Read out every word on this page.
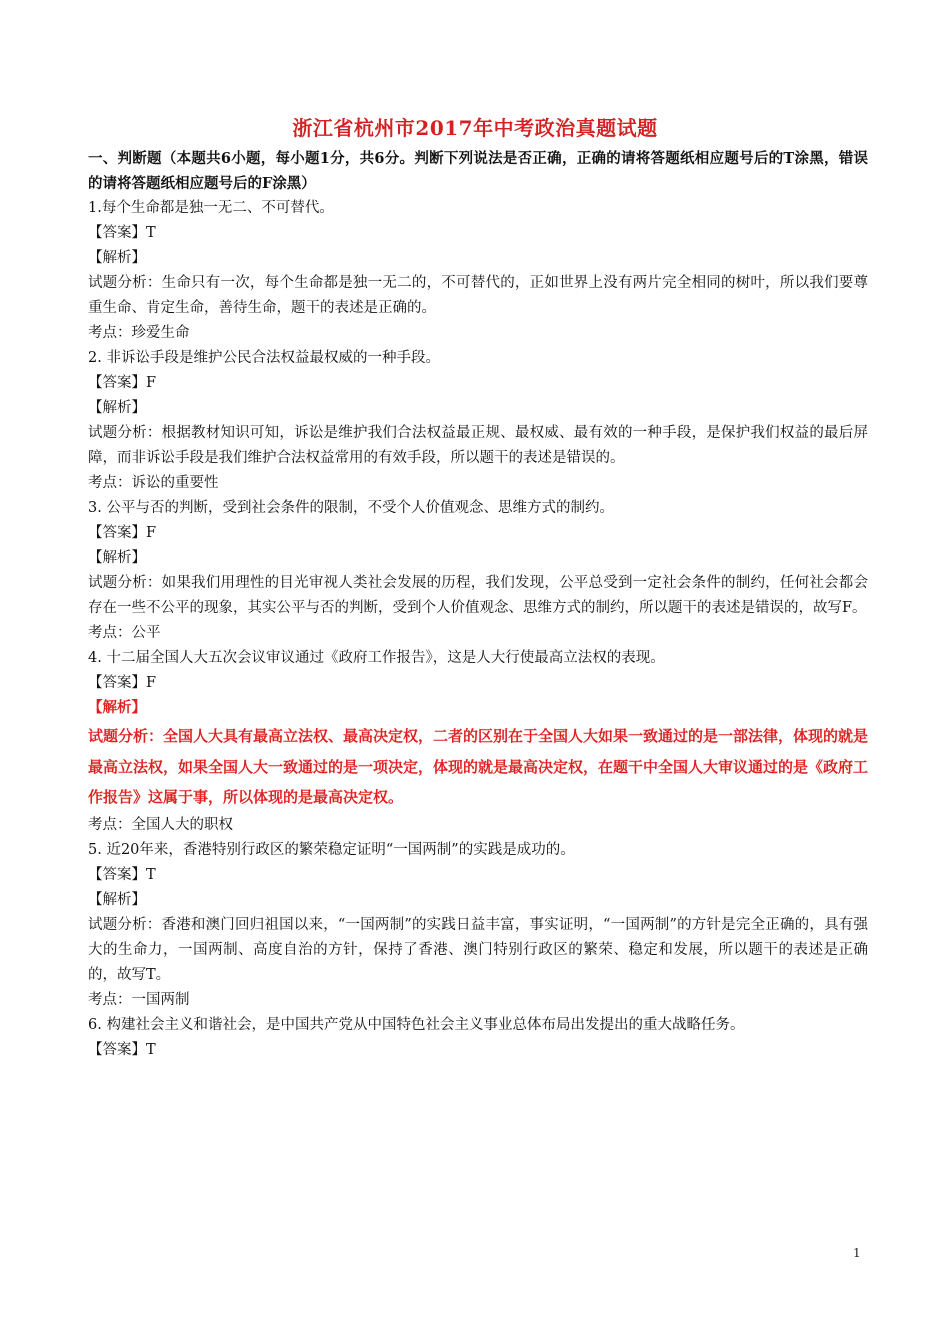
浙江省杭州市2017年中考政治真题试题
一、判断题（本题共6小题，每小题1分，共6分。判断下列说法是否正确，正确的请将答题纸相应题号后的T涂黑，错误的请将答题纸相应题号后的F涂黑）
1.每个生命都是独一无二、不可替代。
【答案】T
【解析】
试题分析：生命只有一次，每个生命都是独一无二的，不可替代的，正如世界上没有两片完全相同的树叶，所以我们要尊重生命、肯定生命，善待生命，题干的表述是正确的。
考点：珍爱生命
2. 非诉讼手段是维护公民合法权益最权威的一种手段。
【答案】F
【解析】
试题分析：根据教材知识可知，诉讼是维护我们合法权益最正规、最权威、最有效的一种手段，是保护我们权益的最后屏障，而非诉讼手段是我们维护合法权益常用的有效手段，所以题干的表述是错误的。
考点：诉讼的重要性
3. 公平与否的判断，受到社会条件的限制，不受个人价值观念、思维方式的制约。
【答案】F
【解析】
试题分析：如果我们用理性的目光审视人类社会发展的历程，我们发现，公平总受到一定社会条件的制约，任何社会都会存在一些不公平的现象，其实公平与否的判断，受到个人价值观念、思维方式的制约，所以题干的表述是错误的，故写F。
考点：公平
4. 十二届全国人大五次会议审议通过《政府工作报告》，这是人大行使最高立法权的表现。
【答案】F
【解析】
试题分析：全国人大具有最高立法权、最高决定权，二者的区别在于全国人大如果一致通过的是一部法律，体现的就是最高立法权，如果全国人大一致通过的是一项决定，体现的就是最高决定权，在题干中全国人大审议通过的是《政府工作报告》这属于事，所以体现的是最高决定权。
考点：全国人大的职权
5. 近20年来，香港特别行政区的繁荣稳定证明“一国两制”的实践是成功的。
【答案】T
【解析】
试题分析：香港和澳门回归祖国以来，“一国两制”的实践日益丰富，事实证明，“一国两制”的方针是完全正确的，具有强大的生命力，一国两制、高度自治的方针，保持了香港、澳门特别行政区的繁荣、稳定和发展，所以题干的表述是正确的，故写T。
考点：一国两制
6. 构建社会主义和谐社会，是中国共产党从中国特色社会主义事业总体布局出发提出的重大战略任务。
【答案】T
1
